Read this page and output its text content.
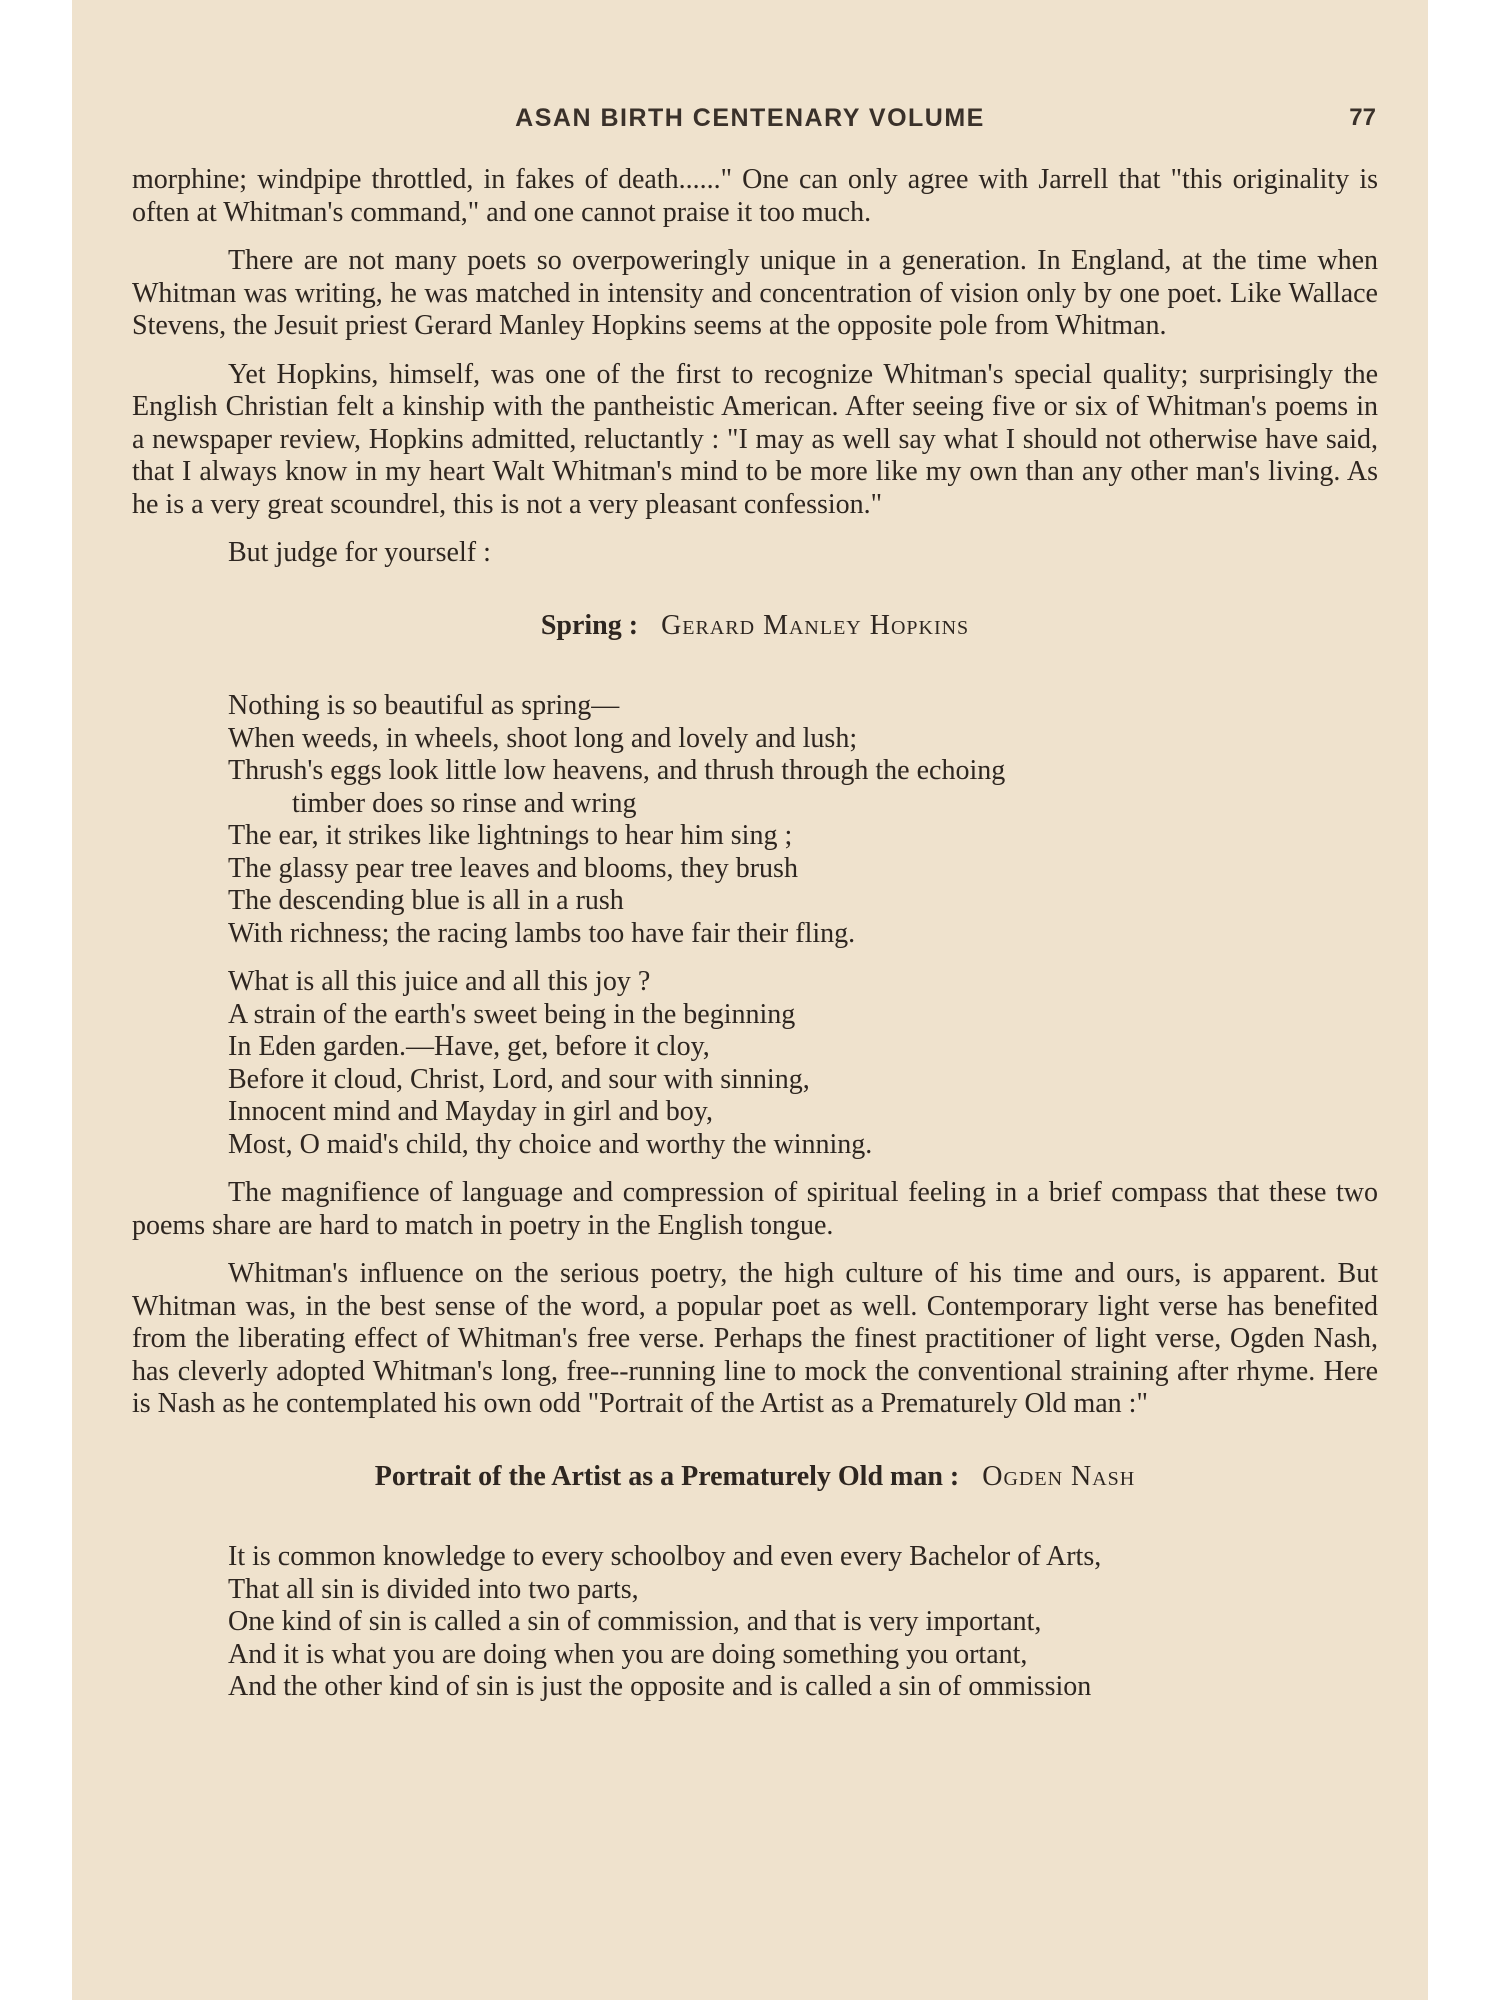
ASAN BIRTH CENTENARY VOLUME	77

morphine; windpipe throttled, in fakes of death......" One can only agree with Jarrell that "this originality is often at Whitman's command," and one cannot praise it too much.

There are not many poets so overpoweringly unique in a generation. In England, at the time when Whitman was writing, he was matched in intensity and concentration of vision only by one poet. Like Wallace Stevens, the Jesuit priest Gerard Manley Hopkins seems at the opposite pole from Whitman.

Yet Hopkins, himself, was one of the first to recognize Whitman's special quality; surprisingly the English Christian felt a kinship with the pantheistic American. After seeing five or six of Whitman's poems in a newspaper review, Hopkins admitted, reluctantly : "I may as well say what I should not otherwise have said, that I always know in my heart Walt Whitman's mind to be more like my own than any other man's living. As he is a very great scoundrel, this is not a very pleasant confession."

But judge for yourself :

Spring : Gerard Manley Hopkins
Nothing is so beautiful as spring—
When weeds, in wheels, shoot long and lovely and lush;
Thrush's eggs look little low heavens, and thrush through the echoing
timber does so rinse and wring
The ear, it strikes like lightnings to hear him sing ;
The glassy pear tree leaves and blooms, they brush
The descending blue is all in a rush
With richness; the racing lambs too have fair their fling.
What is all this juice and all this joy ?
A strain of the earth's sweet being in the beginning
In Eden garden.—Have, get, before it cloy,
Before it cloud, Christ, Lord, and sour with sinning,
Innocent mind and Mayday in girl and boy,
Most, O maid's child, thy choice and worthy the winning.

The magnifience of language and compression of spiritual feeling in a brief compass that these two poems share are hard to match in poetry in the English tongue.

Whitman's influence on the serious poetry, the high culture of his time and ours, is apparent. But Whitman was, in the best sense of the word, a popular poet as well. Contemporary light verse has benefited from the liberating effect of Whitman's free verse. Perhaps the finest practitioner of light verse, Ogden Nash, has cleverly adopted Whitman's long, free--running line to mock the conventional straining after rhyme. Here is Nash as he contemplated his own odd "Portrait of the Artist as a Prematurely Old man :"

Portrait of the Artist as a Prematurely Old man : Ogden Nash
It is common knowledge to every schoolboy and even every Bachelor of Arts,
That all sin is divided into two parts,
One kind of sin is called a sin of commission, and that is very important,
And it is what you are doing when you are doing something you ortant,
And the other kind of sin is just the opposite and is called a sin of ommission
